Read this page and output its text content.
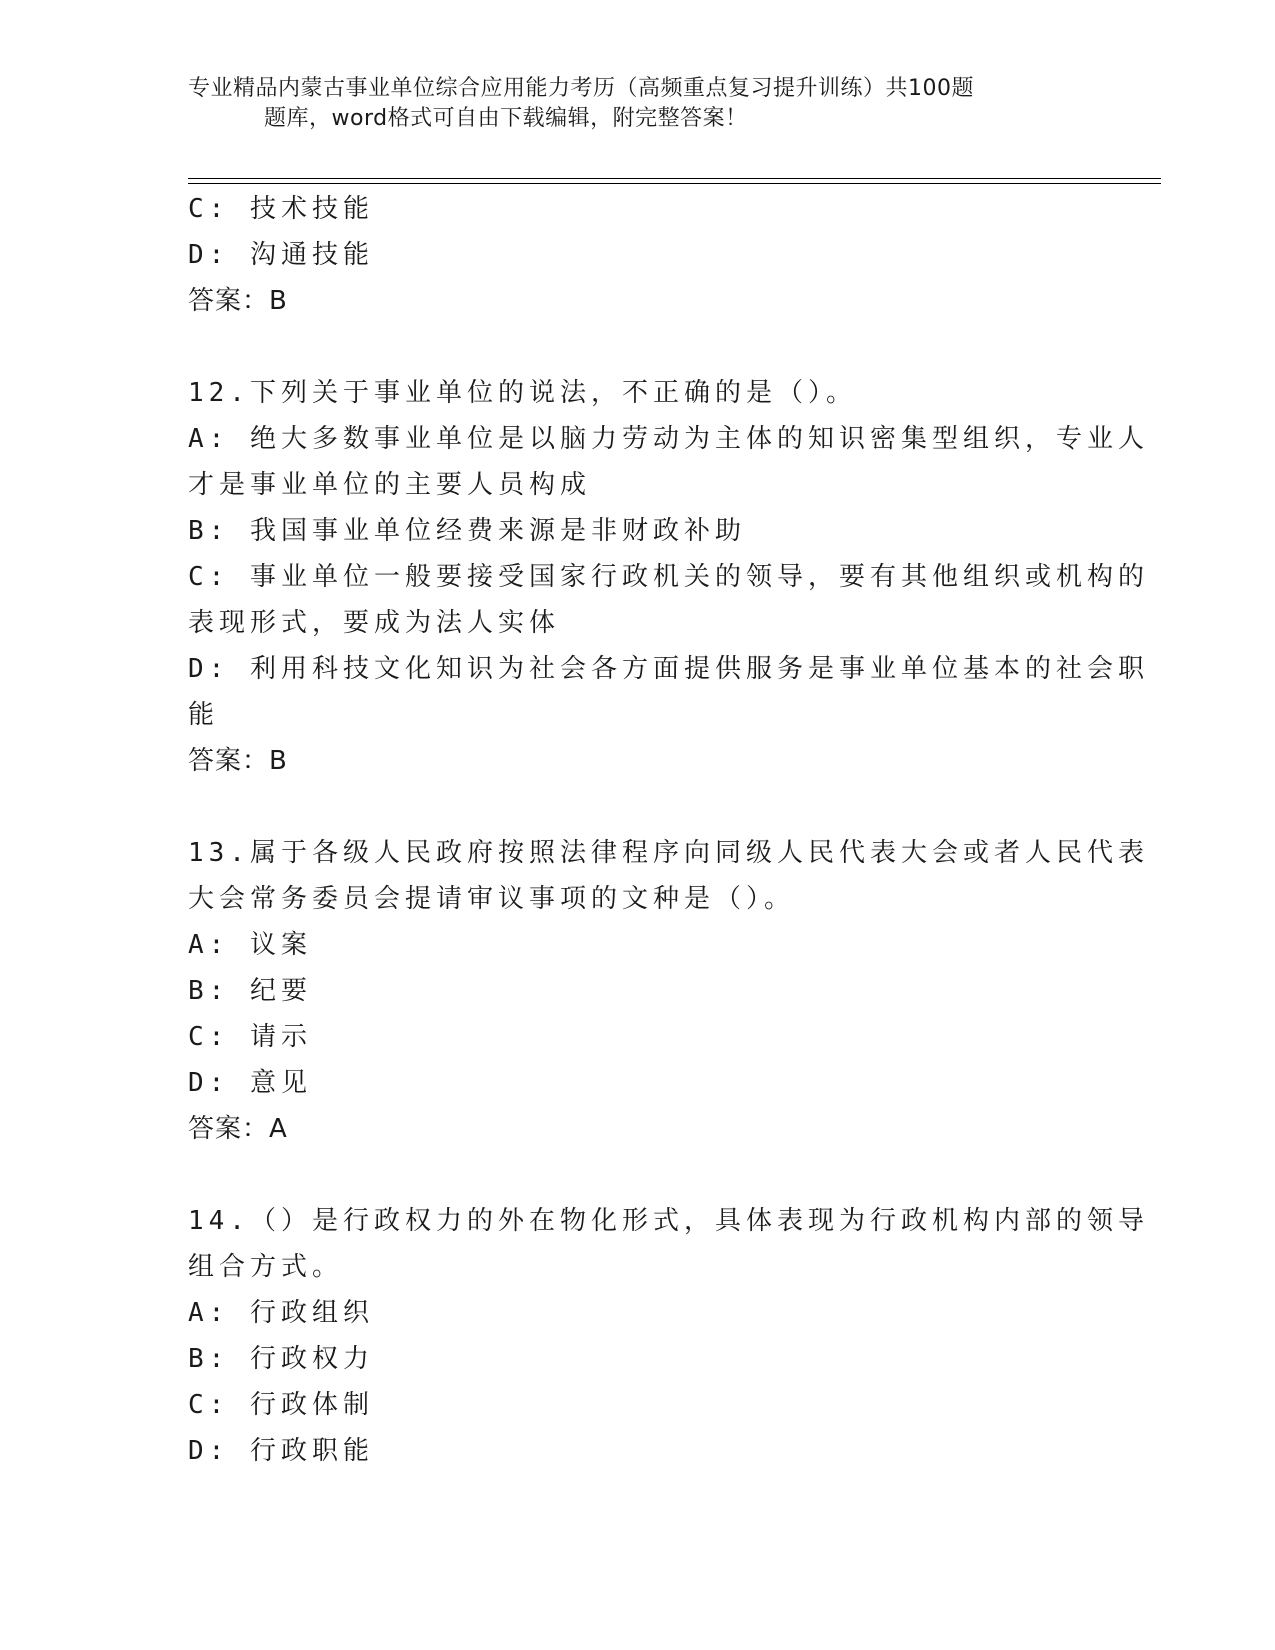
专业精品内蒙古事业单位综合应用能力考历（高频重点复习提升训练）共100题
题库，word格式可自由下载编辑，附完整答案！
C: 技术技能
D: 沟通技能
答案：B
12.下列关于事业单位的说法，不正确的是（）。
A: 绝大多数事业单位是以脑力劳动为主体的知识密集型组织，专业人
才是事业单位的主要人员构成
B: 我国事业单位经费来源是非财政补助
C: 事业单位一般要接受国家行政机关的领导，要有其他组织或机构的
表现形式，要成为法人实体
D: 利用科技文化知识为社会各方面提供服务是事业单位基本的社会职
能
答案：B
13.属于各级人民政府按照法律程序向同级人民代表大会或者人民代表
大会常务委员会提请审议事项的文种是（）。
A: 议案
B: 纪要
C: 请示
D: 意见
答案：A
14.（）是行政权力的外在物化形式，具体表现为行政机构内部的领导
组合方式。
A: 行政组织
B: 行政权力
C: 行政体制
D: 行政职能
